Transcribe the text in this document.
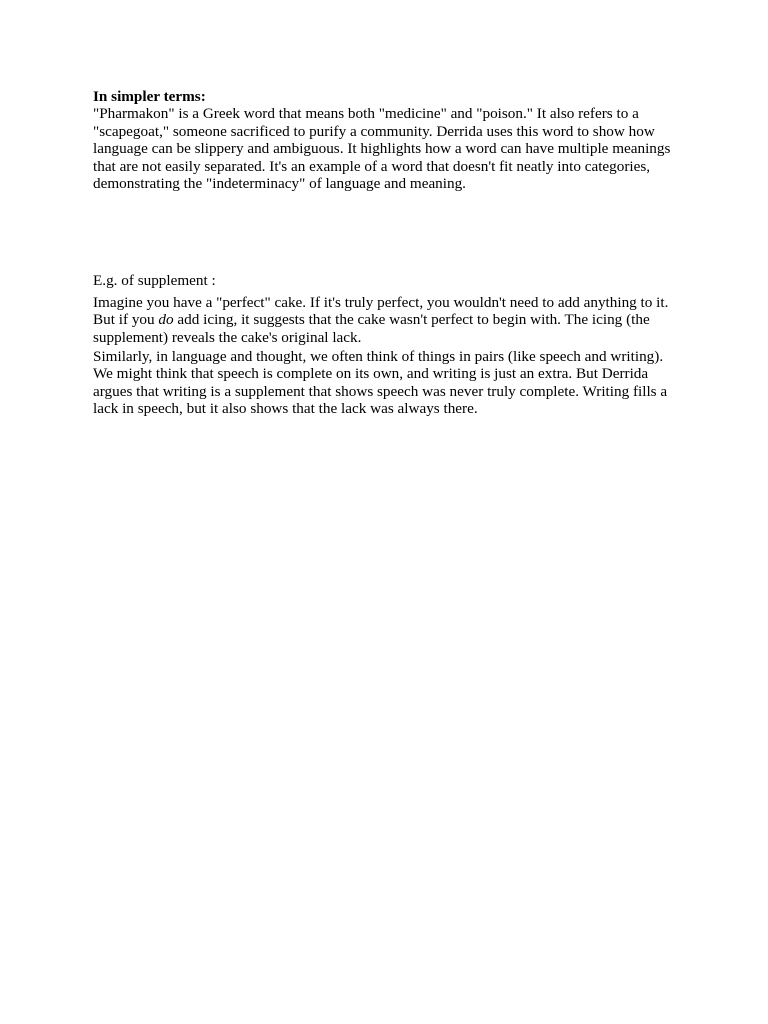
In simpler terms:

"Pharmakon" is a Greek word that means both "medicine" and "poison." It also refers to a "scapegoat," someone sacrificed to purify a community. Derrida uses this word to show how language can be slippery and ambiguous. It highlights how a word can have multiple meanings that are not easily separated. It's an example of a word that doesn't fit neatly into categories, demonstrating the "indeterminacy" of language and meaning.

E.g. of supplement :

Imagine you have a "perfect" cake. If it's truly perfect, you wouldn't need to add anything to it. But if you do add icing, it suggests that the cake wasn't perfect to begin with. The icing (the supplement) reveals the cake's original lack.

Similarly, in language and thought, we often think of things in pairs (like speech and writing). We might think that speech is complete on its own, and writing is just an extra. But Derrida argues that writing is a supplement that shows speech was never truly complete. Writing fills a lack in speech, but it also shows that the lack was always there.
